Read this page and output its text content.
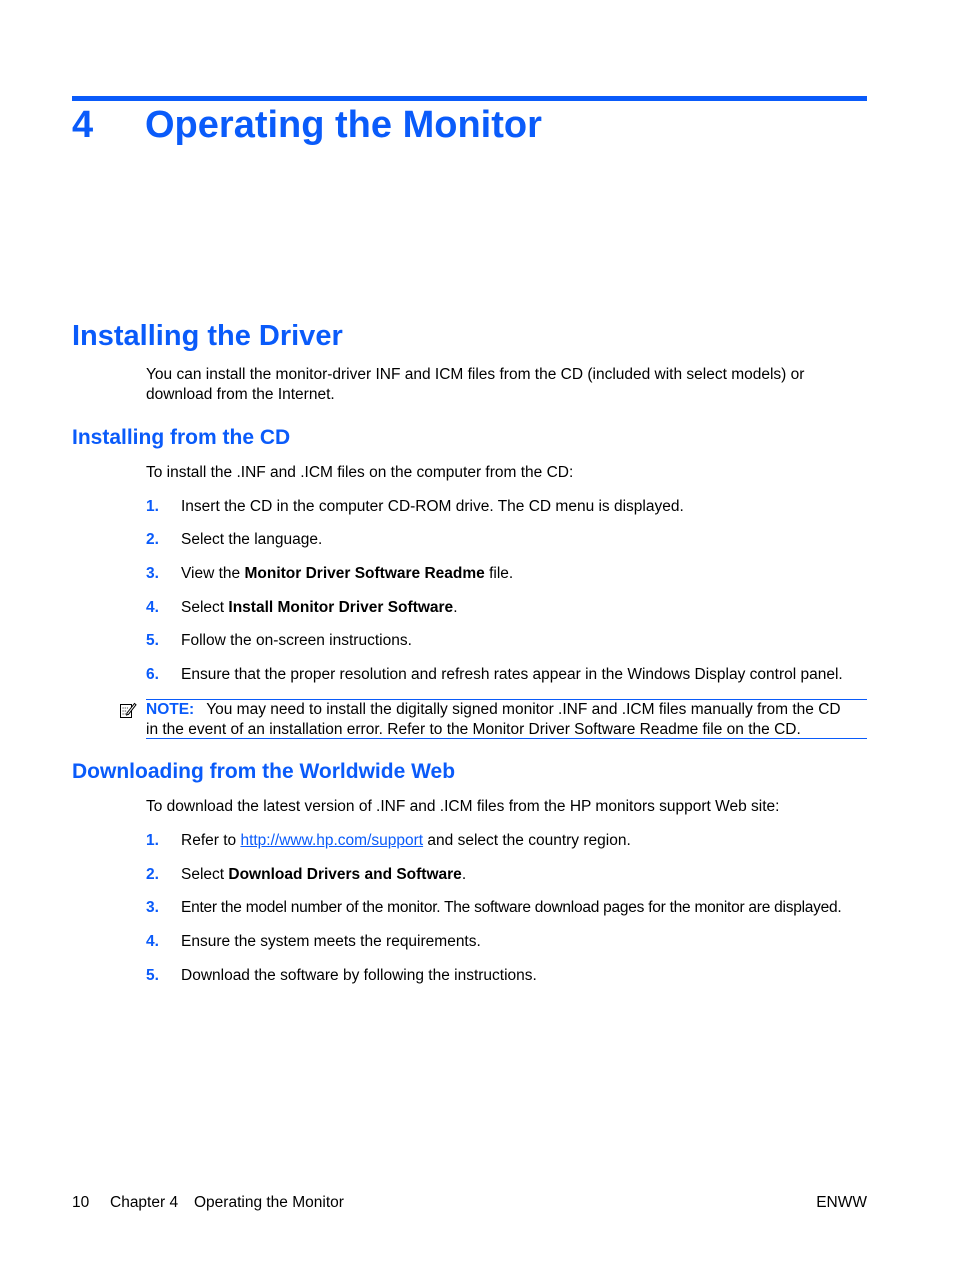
4 Operating the Monitor
Installing the Driver
You can install the monitor-driver INF and ICM files from the CD (included with select models) or
download from the Internet.
Installing from the CD
To install the .INF and .ICM files on the computer from the CD:
1. Insert the CD in the computer CD-ROM drive. The CD menu is displayed.
2. Select the language.
3. View the Monitor Driver Software Readme file.
4. Select Install Monitor Driver Software.
5. Follow the on-screen instructions.
6. Ensure that the proper resolution and refresh rates appear in the Windows Display control panel.
NOTE: You may need to install the digitally signed monitor .INF and .ICM files manually from the CD
in the event of an installation error. Refer to the Monitor Driver Software Readme file on the CD.
Downloading from the Worldwide Web
To download the latest version of .INF and .ICM files from the HP monitors support Web site:
1. Refer to http://www.hp.com/support and select the country region.
2. Select Download Drivers and Software.
3. Enter the model number of the monitor. The software download pages for the monitor are displayed.
4. Ensure the system meets the requirements.
5. Download the software by following the instructions.
10 Chapter 4 Operating the Monitor	ENWW
